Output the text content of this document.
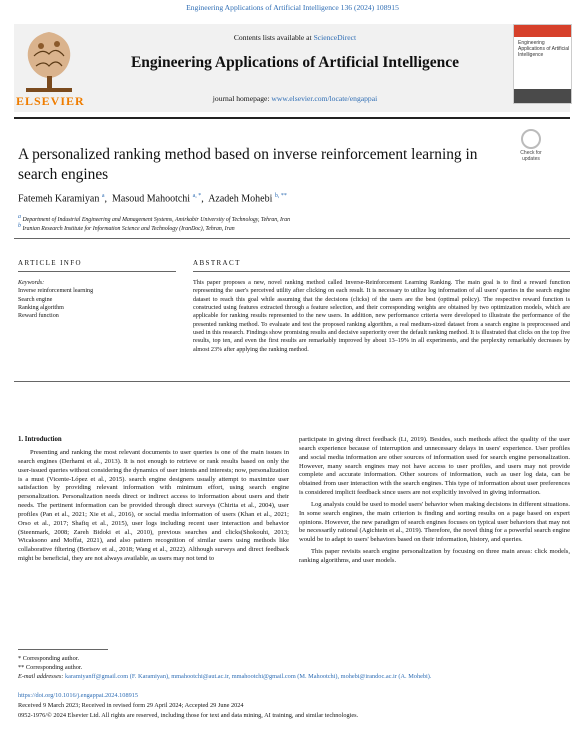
Engineering Applications of Artificial Intelligence 136 (2024) 108915
ELSEVIER
Contents lists available at ScienceDirect
Engineering Applications of Artificial Intelligence
journal homepage: www.elsevier.com/locate/engappai
Engineering Applications of Artificial Intelligence
A personalized ranking method based on inverse reinforcement learning in search engines
Check for updates
Fatemeh Karamiyan $^a$,  Masoud Mahootchi $^{a, *}$,  Azadeh Mohebi $^{b, **}$
a Department of Industrial Engineering and Management Systems, Amirkabir University of Technology, Tehran, Iran
b Iranian Research Institute for Information Science and Technology (IranDoc), Tehran, Iran
ARTICLE INFO	ABSTRACT
Keywords:
Inverse reinforcement learning
Search engine
Ranking algorithm
Reward function
This paper proposes a new, novel ranking method called Inverse-Reinforcement Learning Ranking. The main goal is to find a reward function representing the user's perceived utility after clicking on each result. It is necessary to utilize log information of all users' queries in the search engine dataset to reach this goal while assuming that the decisions (clicks) of the users are the best (optimal policy). The respective reward function is constructed using features extracted through a feature selection, and their corresponding weights are obtained by two optimization models, which are applicable for ranking results represented to the new users. In addition, new performance criteria were developed to illustrate the performance of the presented ranking method. To evaluate and test the proposed ranking algorithm, a real medium-sized dataset from a search engine is preprocessed and used in this research. Findings show promising results and decisive superiority over the default ranking method. It is illustrated that clicks on the top five results, top ten, and even the first results are remarkably improved by about 13–19% in all experiments, and the perplexity remarkably decreases by almost 23% after applying the ranking method.
1. Introduction

Presenting and ranking the most relevant documents to user queries is one of the main issues in search engines (Derhami et al., 2013). It is not enough to retrieve or rank results based on only the user-issued queries without considering the dynamics of user intents and interests; now, personalization is a must (Vicente-López et al., 2015). search engine designers usually attempt to maximize user satisfaction by providing relevant information with minimum effort, using search engine personalization. Personalization needs direct or indirect access to information about users and their needs. The pertinent information can be provided through direct surveys (Chirita et al., 2004), user profiles (Pan et al., 2021; Xie et al., 2016), or social media information of users (Khan et al., 2021; Orso et al., 2017; Shafiq et al., 2015), user logs including recent user interaction and behavior (Steenmark, 2008; Zareh Bidoki et al., 2010), previous searches and clicks(Shokouhi, 2013; Wicaksono and Moffat, 2021), and also pattern recognition of similar users using methods like collaborative filtering (Borisov et al., 2018; Wang et al., 2022). Although surveys and direct feedback might be beneficial, they are not always available, as users may not tend to

participate in giving direct feedback (Li, 2019). Besides, such methods affect the quality of the user search experience because of interruption and unnecessary delays in users' experience. User profiles and social media information are other sources of information used for search engine personalization. However, many search engines may not have access to user profiles, and users may not provide complete and accurate information. Other sources of information, such as user log data, can be obtained from user interaction with the search engines. This type of information about user preferences is considered implicit feedback since users are not explicitly involved in giving information.

Log analysis could be used to model users' behavior when making decisions in different situations. In some search engines, the main criterion is finding and sorting results on a page based on expert opinions. However, the new paradigm of search engines focuses on typical user behaviors that may not be necessarily rational (Agichtein et al., 2019). Therefore, the novel thing for a powerful search engine would be to adapt to users' behaviors based on their information, history, and queries.

This paper revisits search engine personalization by focusing on three main areas: click models, ranking algorithms, and user models.

* Corresponding author.
** Corresponding author.
E-mail addresses: karamiyanff@gmail.com (F. Karamiyan), mmahootchi@aut.ac.ir, mmahootchi@gmail.com (M. Mahootchi), mohebi@irandoc.ac.ir (A. Mohebi).
https://doi.org/10.1016/j.engappai.2024.108915
Received 9 March 2023; Received in revised form 29 April 2024; Accepted 29 June 2024
0952-1976/© 2024 Elsevier Ltd. All rights are reserved, including those for text and data mining, AI training, and similar technologies.
